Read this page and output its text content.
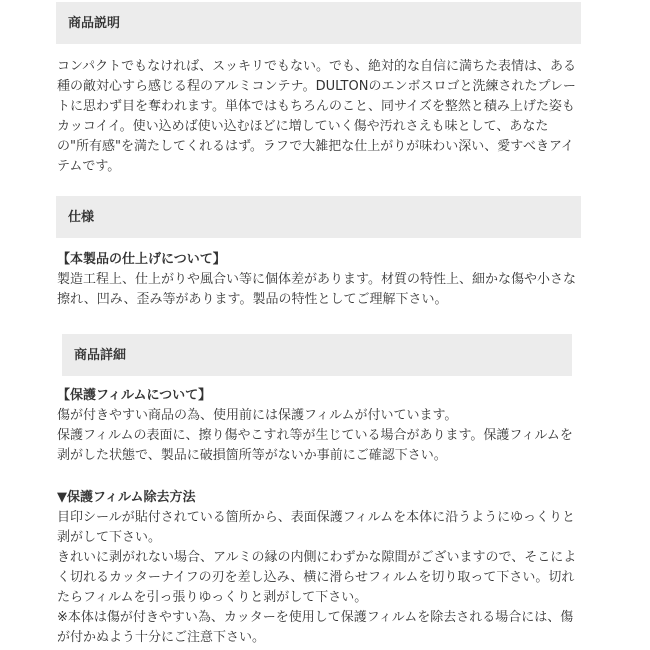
商品説明
コンパクトでもなければ、スッキリでもない。でも、絶対的な自信に満ちた表情は、ある
種の敵対心すら感じる程のアルミコンテナ。DULTONのエンボスロゴと洗練されたプレー
トに思わず目を奪われます。単体ではもちろんのこと、同サイズを整然と積み上げた姿も
カッコイイ。使い込めば使い込むほどに増していく傷や汚れさえも味として、あなた
の"所有感"を満たしてくれるはず。ラフで大雑把な仕上がりが味わい深い、愛すべきアイ
テムです。
仕様
【本製品の仕上げについて】
製造工程上、仕上がりや風合い等に個体差があります。材質の特性上、細かな傷や小さな
擦れ、凹み、歪み等があります。製品の特性としてご理解下さい。
商品詳細
【保護フィルムについて】
傷が付きやすい商品の為、使用前には保護フィルムが付いています。
保護フィルムの表面に、擦り傷やこすれ等が生じている場合があります。保護フィルムを
剥がした状態で、製品に破損箇所等がないか事前にご確認下さい。
▼保護フィルム除去方法
目印シールが貼付されている箇所から、表面保護フィルムを本体に沿うようにゆっくりと
剥がして下さい。
きれいに剥がれない場合、アルミの縁の内側にわずかな隙間がございますので、そこによ
く切れるカッターナイフの刃を差し込み、横に滑らせフィルムを切り取って下さい。切れ
たらフィルムを引っ張りゆっくりと剥がして下さい。
※本体は傷が付きやすい為、カッターを使用して保護フィルムを除去される場合には、傷
が付かぬよう十分にご注意下さい。
